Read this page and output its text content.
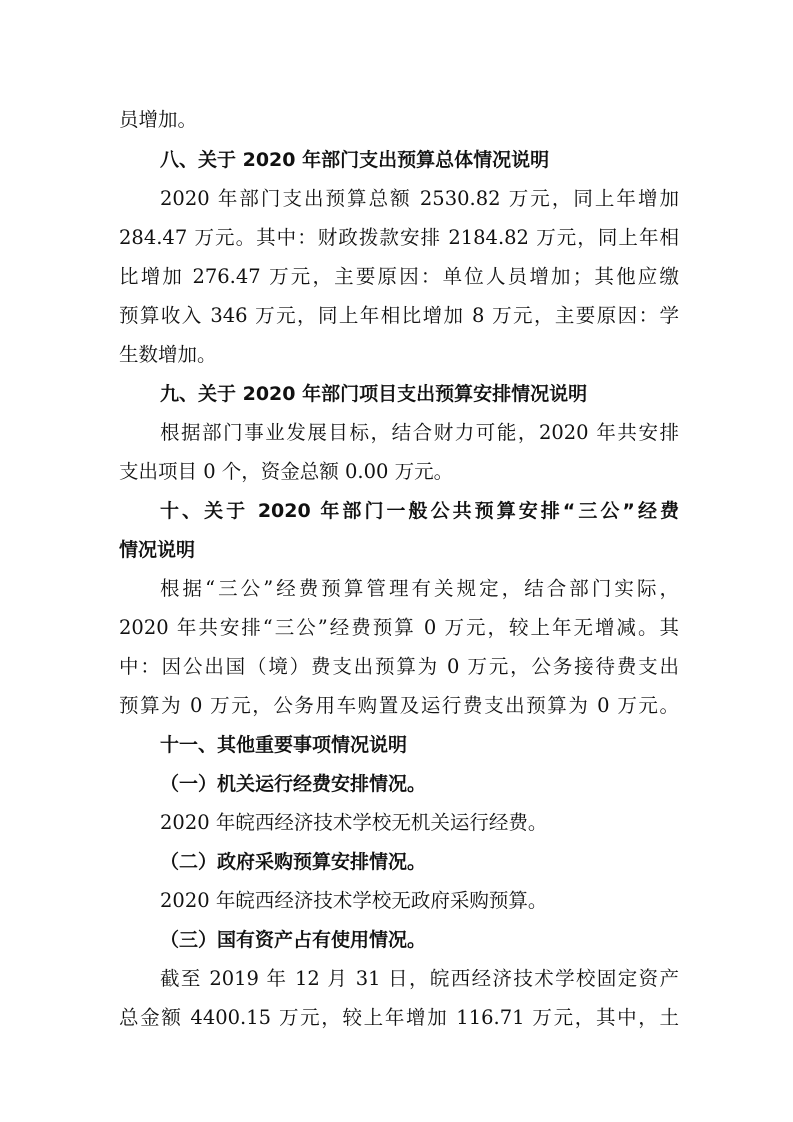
员增加。
八、关于 2020 年部门支出预算总体情况说明
2020 年部门支出预算总额 2530.82 万元，同上年增加
284.47 万元。其中：财政拨款安排 2184.82 万元，同上年相
比增加 276.47 万元，主要原因：单位人员增加；其他应缴
预算收入 346 万元，同上年相比增加 8 万元，主要原因：学
生数增加。
九、关于 2020 年部门项目支出预算安排情况说明
根据部门事业发展目标，结合财力可能，2020 年共安排
支出项目 0 个，资金总额 0.00 万元。
十、关于 2020 年部门一般公共预算安排“三公”经费
情况说明
根据“三公”经费预算管理有关规定，结合部门实际，
2020 年共安排“三公”经费预算 0 万元，较上年无增减。其
中：因公出国（境）费支出预算为 0 万元，公务接待费支出
预算为 0 万元，公务用车购置及运行费支出预算为 0 万元。
十一、其他重要事项情况说明
（一）机关运行经费安排情况。
2020 年皖西经济技术学校无机关运行经费。
（二）政府采购预算安排情况。
2020 年皖西经济技术学校无政府采购预算。
（三）国有资产占有使用情况。
截至 2019 年 12 月 31 日，皖西经济技术学校固定资产
总金额 4400.15 万元，较上年增加 116.71 万元，其中，土
